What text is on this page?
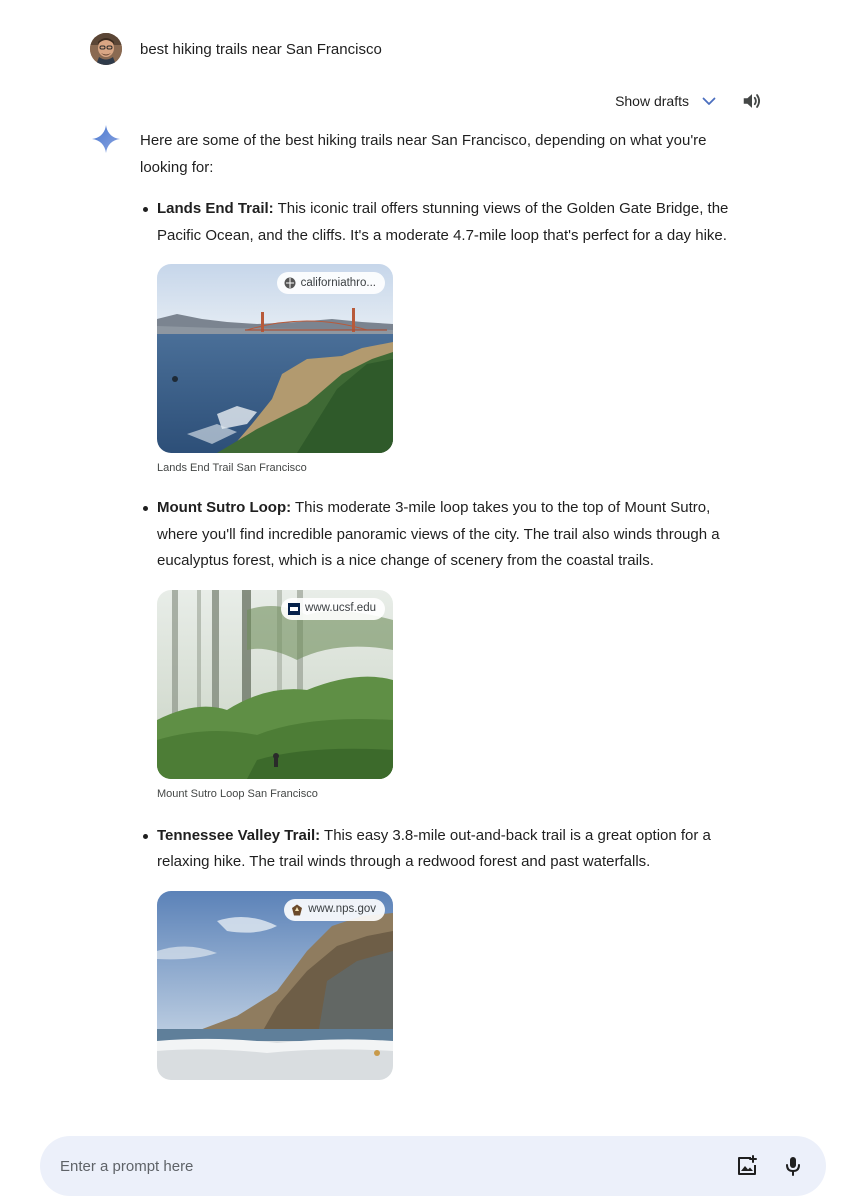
best hiking trails near San Francisco
Show drafts

Here are some of the best hiking trails near San Francisco, depending on what you're looking for:

Lands End Trail: This iconic trail offers stunning views of the Golden Gate Bridge, the Pacific Ocean, and the cliffs. It's a moderate 4.7-mile loop that's perfect for a day hike.
californiathro...
Lands End Trail San Francisco
Mount Sutro Loop: This moderate 3-mile loop takes you to the top of Mount Sutro, where you'll find incredible panoramic views of the city. The trail also winds through a eucalyptus forest, which is a nice change of scenery from the coastal trails.
www.ucsf.edu
Mount Sutro Loop San Francisco
Tennessee Valley Trail: This easy 3.8-mile out-and-back trail is a great option for a relaxing hike. The trail winds through a redwood forest and past waterfalls.
www.nps.gov
Enter a prompt here
